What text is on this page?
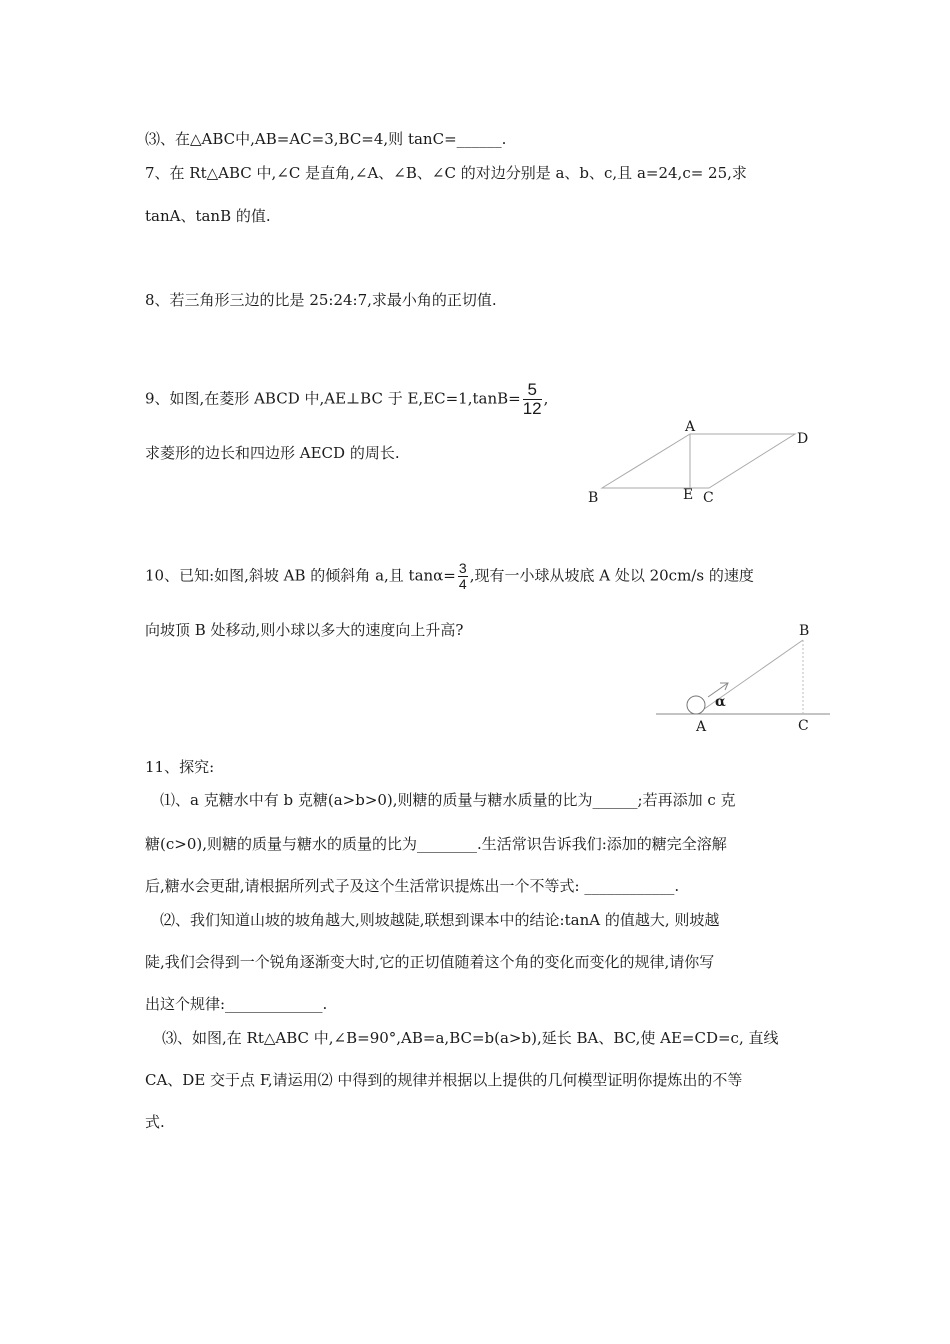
⑶、在△ABC中,AB=AC=3,BC=4,则 tanC=______.
7、在 Rt△ABC 中,∠C 是直角,∠A、∠B、∠C 的对边分别是 a、b、c,且 a=24,c= 25,求
tanA、tanB 的值.
8、若三角形三边的比是 25:24:7,求最小角的正切值.
9、如图,在菱形 ABCD 中,AE⊥BC 于 $E,EC=1,\tan B= \frac{5}{12}$ ,
求菱形的边长和四边形 AECD 的周长.
10、已知:如图,斜坡 AB 的倾斜角 a,且 $\tan\alpha= \frac{3}{4}$ ,现有一小球从坡底 A 处以 20cm/s 的速度
向坡顶 B 处移动,则小球以多大的速度向上升高?
A
D
B	E C
B
α
A	C
11、探究:
⑴、a 克糖水中有 b 克糖(a>b>0),则糖的质量与糖水质量的比为______;若再添加 c 克
糖(c>0),则糖的质量与糖水的质量的比为________.生活常识告诉我们:添加的糖完全溶解
后,糖水会更甜,请根据所列式子及这个生活常识提炼出一个不等式: ____________.
⑵、我们知道山坡的坡角越大,则坡越陡,联想到课本中的结论:tanA 的值越大, 则坡越
陡,我们会得到一个锐角逐渐变大时,它的正切值随着这个角的变化而变化的规律,请你写
出这个规律:_____________.
⑶、如图,在 Rt△ABC 中,∠B=90°,AB=a,BC=b(a>b),延长 BA、BC,使 AE=CD=c, 直线
CA、DE 交于点 F,请运用⑵ 中得到的规律并根据以上提供的几何模型证明你提炼出的不等
式.
